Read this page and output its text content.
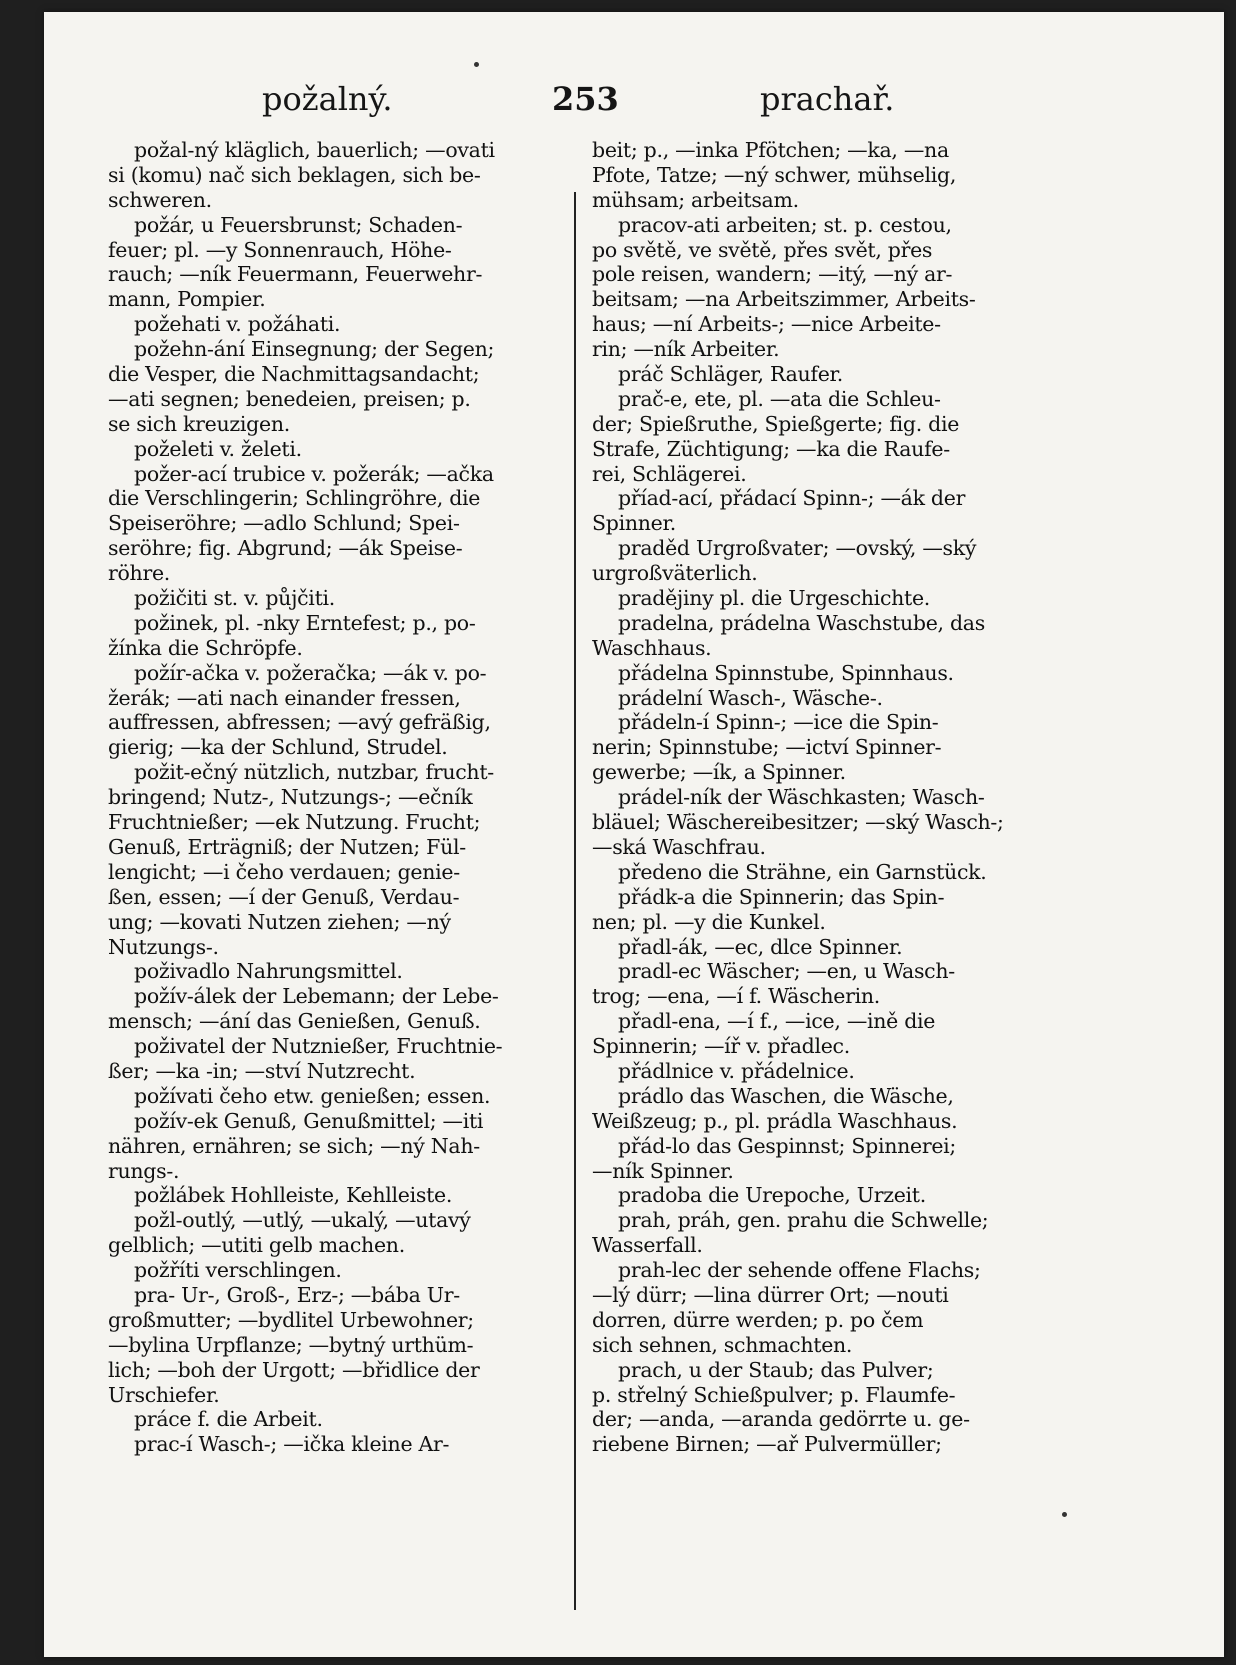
požalný.	253	prachař.
požal-ný kläglich, bauerlich; —ovati
si (komu) nač sich beklagen, sich be-
schweren.
požár, u Feuersbrunst; Schaden-
feuer; pl. —y Sonnenrauch, Höhe-
rauch; —ník Feuermann, Feuerwehr-
mann, Pompier.
požehati v. požáhati.
požehn-ání Einsegnung; der Segen;
die Vesper, die Nachmittagsandacht;
—ati segnen; benedeien, preisen; p.
se sich kreuzigen.
poželeti v. želeti.
požer-ací trubice v. požerák; —ačka
die Verschlingerin; Schlingröhre, die
Speiseröhre; —adlo Schlund; Spei-
seröhre; fig. Abgrund; —ák Speise-
röhre.
požičiti st. v. půjčiti.
požinek, pl. -nky Erntefest; p., po-
žínka die Schröpfe.
požír-ačka v. požeračka; —ák v. po-
žerák; —ati nach einander fressen,
auffressen, abfressen; —avý gefräßig,
gierig; —ka der Schlund, Strudel.
požit-ečný nützlich, nutzbar, frucht-
bringend; Nutz-, Nutzungs-; —ečník
Fruchtnießer; —ek Nutzung. Frucht;
Genuß, Erträgniß; der Nutzen; Fül-
lengicht; —i čeho verdauen; genie-
ßen, essen; —í der Genuß, Verdau-
ung; —kovati Nutzen ziehen; —ný
Nutzungs-.
poživadlo Nahrungsmittel.
požív-álek der Lebemann; der Lebe-
mensch; —ání das Genießen, Genuß.
poživatel der Nutznießer, Fruchtnie-
ßer; —ka -in; —ství Nutzrecht.
požívati čeho etw. genießen; essen.
požív-ek Genuß, Genußmittel; —iti
nähren, ernähren; se sich; —ný Nah-
rungs-.
požlábek Hohlleiste, Kehlleiste.
požl-outlý, —utlý, —ukalý, —utavý
gelblich; —utiti gelb machen.
požříti verschlingen.
pra- Ur-, Groß-, Erz-; —bába Ur-
großmutter; —bydlitel Urbewohner;
—bylina Urpflanze; —bytný urthüm-
lich; —boh der Urgott; —břidlice der
Urschiefer.
práce f. die Arbeit.
prac-í Wasch-; —ička kleine Ar-
beit; p., —inka Pfötchen; —ka, —na
Pfote, Tatze; —ný schwer, mühselig,
mühsam; arbeitsam.
pracov-ati arbeiten; st. p. cestou,
po světě, ve světě, přes svět, přes
pole reisen, wandern; —itý, —ný ar-
beitsam; —na Arbeitszimmer, Arbeits-
haus; —ní Arbeits-; —nice Arbeite-
rin; —ník Arbeiter.
práč Schläger, Raufer.
prač-e, ete, pl. —ata die Schleu-
der; Spießruthe, Spießgerte; fig. die
Strafe, Züchtigung; —ka die Raufe-
rei, Schlägerei.
příad-ací, přádací Spinn-; —ák der
Spinner.
praděd Urgroßvater; —ovský, —ský
urgroßväterlich.
pradějiny pl. die Urgeschichte.
pradelna, prádelna Waschstube, das
Waschhaus.
přádelna Spinnstube, Spinnhaus.
prádelní Wasch-, Wäsche-.
přádeln-í Spinn-; —ice die Spin-
nerin; Spinnstube; —ictví Spinner-
gewerbe; —ík, a Spinner.
prádel-ník der Wäschkasten; Wasch-
bläuel; Wäschereibesitzer; —ský Wasch-;
—ská Waschfrau.
předeno die Strähne, ein Garnstück.
přádk-a die Spinnerin; das Spin-
nen; pl. —y die Kunkel.
přadl-ák, —ec, dlce Spinner.
pradl-ec Wäscher; —en, u Wasch-
trog; —ena, —í f. Wäscherin.
přadl-ena, —í f., —ice, —ině die
Spinnerin; —íř v. přadlec.
přádlnice v. přádelnice.
prádlo das Waschen, die Wäsche,
Weißzeug; p., pl. prádla Waschhaus.
přád-lo das Gespinnst; Spinnerei;
—ník Spinner.
pradoba die Urepoche, Urzeit.
prah, práh, gen. prahu die Schwelle;
Wasserfall.
prah-lec der sehende offene Flachs;
—lý dürr; —lina dürrer Ort; —nouti
dorren, dürre werden; p. po čem
sich sehnen, schmachten.
prach, u der Staub; das Pulver;
p. střelný Schießpulver; p. Flaumfe-
der; —anda, —aranda gedörrte u. ge-
riebene Birnen; —ař Pulvermüller;
